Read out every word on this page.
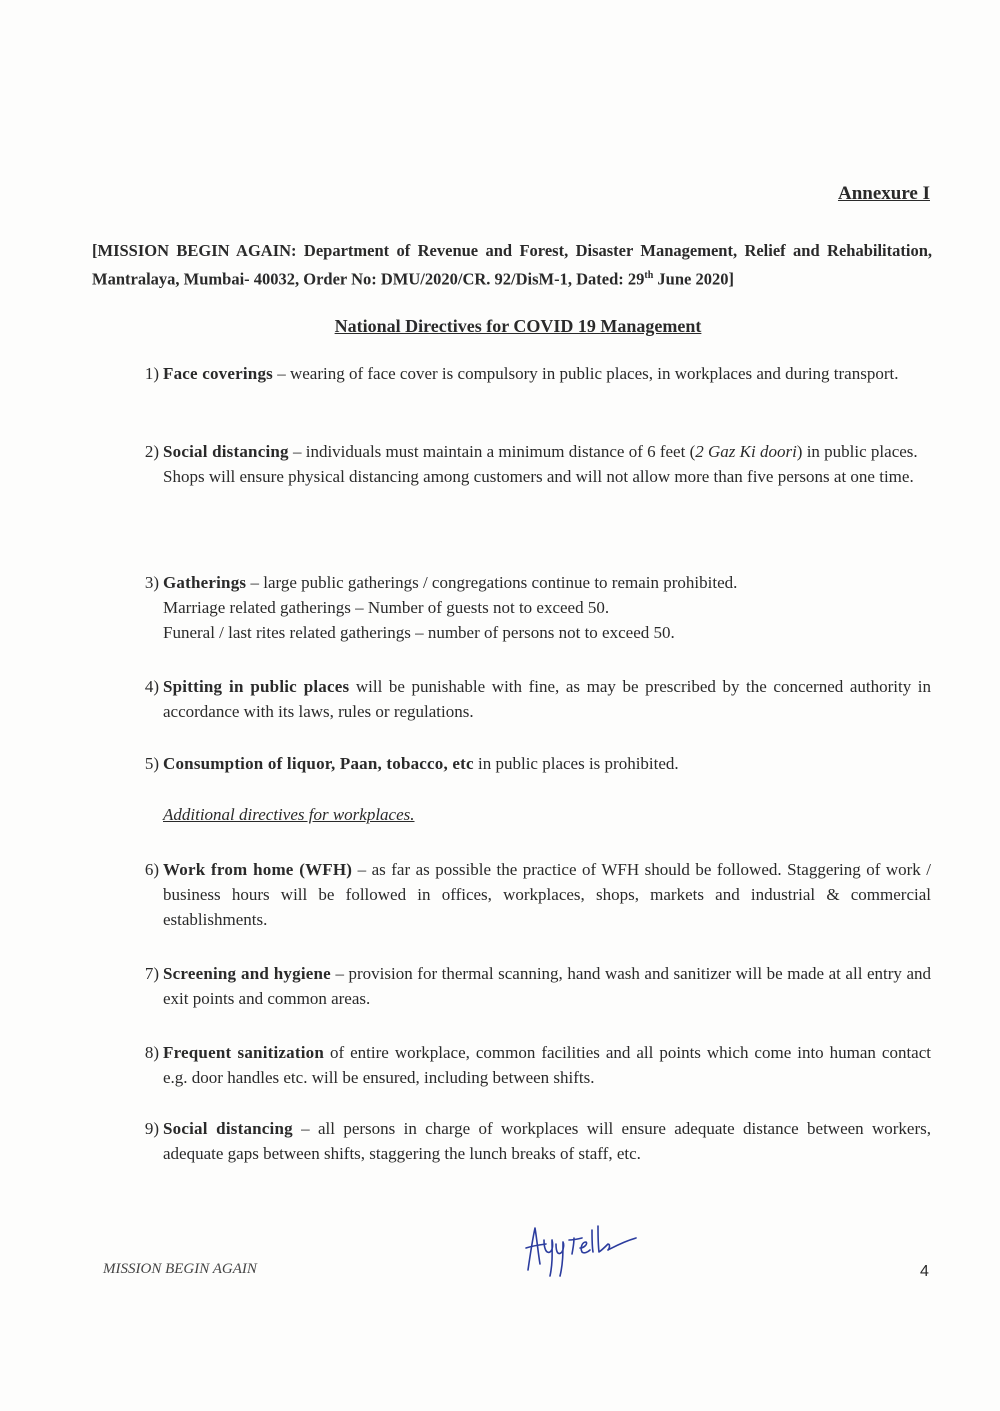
Annexure I
[MISSION BEGIN AGAIN: Department of Revenue and Forest, Disaster Management, Relief and Rehabilitation, Mantralaya, Mumbai- 40032, Order No: DMU/2020/CR. 92/DisM-1, Dated: 29th June 2020]
National Directives for COVID 19 Management
1) Face coverings – wearing of face cover is compulsory in public places, in workplaces and during transport.
2) Social distancing – individuals must maintain a minimum distance of 6 feet (2 Gaz Ki doori) in public places.
Shops will ensure physical distancing among customers and will not allow more than five persons at one time.
3) Gatherings – large public gatherings / congregations continue to remain prohibited.
Marriage related gatherings – Number of guests not to exceed 50.
Funeral / last rites related gatherings – number of persons not to exceed 50.
4) Spitting in public places will be punishable with fine, as may be prescribed by the concerned authority in accordance with its laws, rules or regulations.
5) Consumption of liquor, Paan, tobacco, etc in public places is prohibited.
Additional directives for workplaces.
6) Work from home (WFH) – as far as possible the practice of WFH should be followed. Staggering of work / business hours will be followed in offices, workplaces, shops, markets and industrial & commercial establishments.
7) Screening and hygiene – provision for thermal scanning, hand wash and sanitizer will be made at all entry and exit points and common areas.
8) Frequent sanitization of entire workplace, common facilities and all points which come into human contact e.g. door handles etc. will be ensured, including between shifts.
9) Social distancing – all persons in charge of workplaces will ensure adequate distance between workers, adequate gaps between shifts, staggering the lunch breaks of staff, etc.
MISSION BEGIN AGAIN	4
